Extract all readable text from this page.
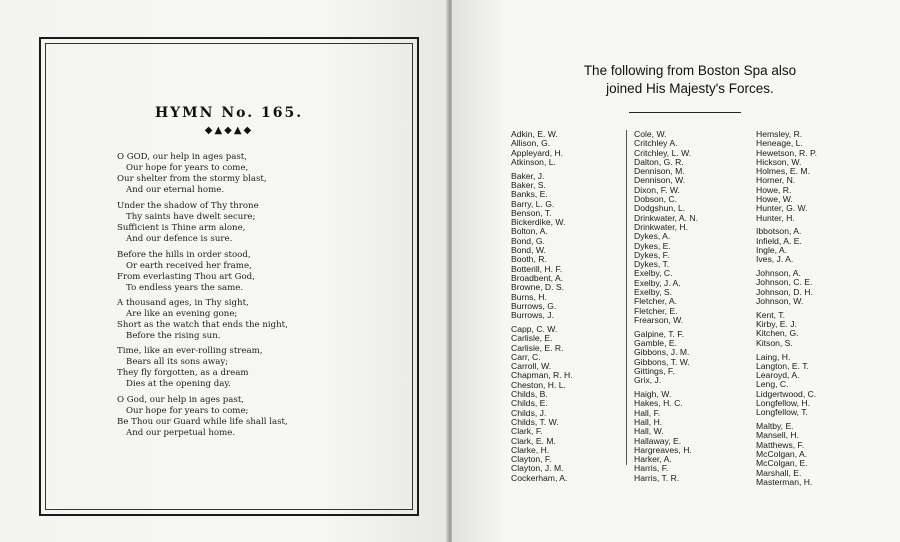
HYMN No. 165.
◆▲◆▲◆
O GOD, our help in ages past,
Our hope for years to come,
Our shelter from the stormy blast,
And our eternal home.
Under the shadow of Thy throne
Thy saints have dwelt secure;
Sufficient is Thine arm alone,
And our defence is sure.
Before the hills in order stood,
Or earth received her frame,
From everlasting Thou art God,
To endless years the same.
A thousand ages, in Thy sight,
Are like an evening gone;
Short as the watch that ends the night,
Before the rising sun.
Time, like an ever-rolling stream,
Bears all its sons away;
They fly forgotten, as a dream
Dies at the opening day.
O God, our help in ages past,
Our hope for years to come;
Be Thou our Guard while life shall last,
And our perpetual home.
The following from Boston Spa also
joined His Majesty's Forces.
Adkin, E. W.
Allison, G.
Appleyard, H.
Atkinson, L.
Baker, J.
Baker, S.
Banks, E.
Barry, L. G.
Benson, T.
Bickerdike, W.
Bolton, A.
Bond, G.
Bond, W.
Booth, R.
Botterill, H. F.
Broadbent, A.
Browne, D. S.
Burns, H.
Burrows, G.
Burrows, J.
Capp, C. W.
Carlisle, E.
Carlisle, E. R.
Carr, C.
Carroll, W.
Chapman, R. H.
Cheston, H. L.
Childs, B.
Childs, E.
Childs, J.
Childs, T. W.
Clark, F.
Clark, E. M.
Clarke, H.
Clayton, F.
Clayton, J. M.
Cockerham, A.
Cole, W.
Critchley A.
Critchley, L. W.
Dalton, G. R.
Dennison, M.
Dennison, W.
Dixon, F. W.
Dobson, C.
Dodgshun, L.
Drinkwater, A. N.
Drinkwater, H.
Dykes, A.
Dykes, E.
Dykes, F.
Dykes, T.
Exelby, C.
Exelby, J. A.
Exelby, S.
Fletcher, A.
Fletcher, E.
Frearson, W.
Galpine, T. F.
Gamble, E.
Gibbons, J. M.
Gibbons, T. W.
Gittings, F.
Grix, J.
Haigh, W.
Hakes, H. C.
Hall, F.
Hall, H.
Hall, W.
Hallaway, E.
Hargreaves, H.
Harker, A.
Harris, F.
Harris, T. R.
Hemsley, R.
Heneage, L.
Hewetson, R. P.
Hickson, W.
Holmes, E. M.
Horner, N.
Howe, R.
Howe, W.
Hunter, G. W.
Hunter, H.
Ibbotson, A.
Infield, A. E.
Ingle, A.
Ives, J. A.
Johnson, A.
Johnson, C. E.
Johnson, D. H.
Johnson, W.
Kent, T.
Kirby, E. J.
Kitchen, G.
Kitson, S.
Laing, H.
Langton, E. T.
Learoyd, A.
Leng, C.
Lidgertwood, C.
Longfellow, H.
Longfellow, T.
Maltby, E.
Mansell, H.
Matthews, F.
McColgan, A.
McColgan, E.
Marshall, E.
Masterman, H.
